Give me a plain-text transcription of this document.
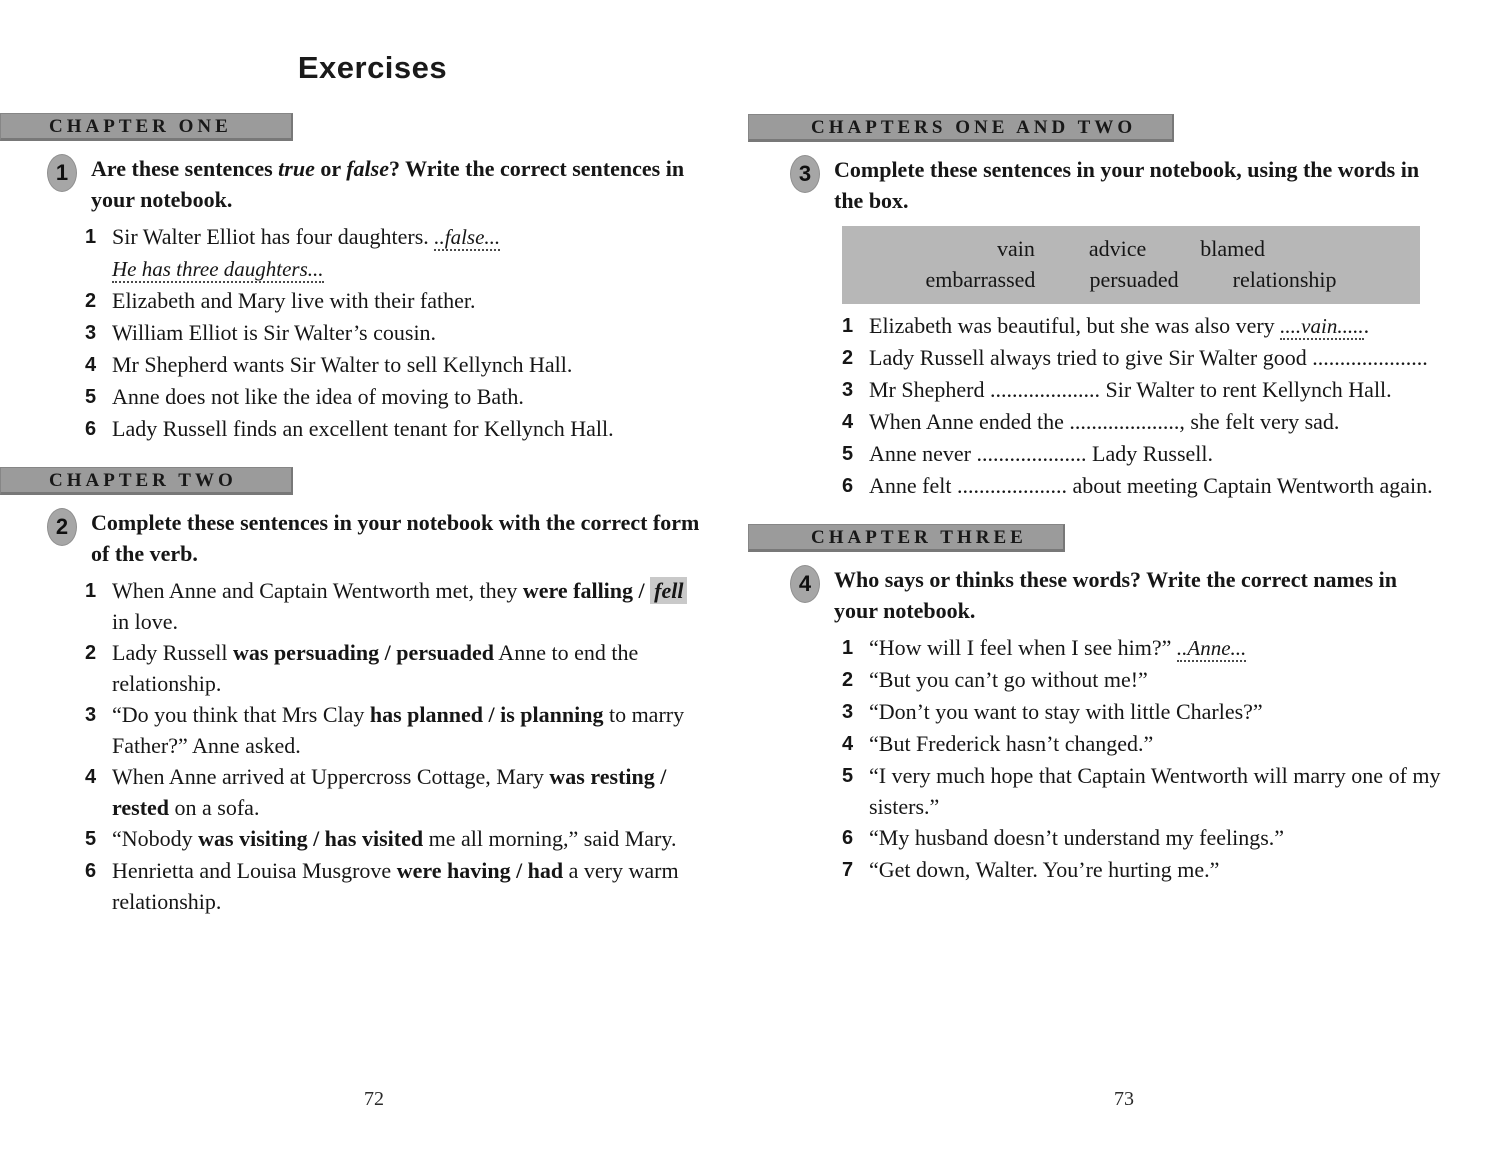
Exercises
CHAPTER ONE
1	Are these sentences true or false? Write the correct sentences in your notebook.
1 Sir Walter Elliot has four daughters. ..false...
He has three daughters...
2 Elizabeth and Mary live with their father.
3 William Elliot is Sir Walter’s cousin.
4 Mr Shepherd wants Sir Walter to sell Kellynch Hall.
5 Anne does not like the idea of moving to Bath.
6 Lady Russell finds an excellent tenant for Kellynch Hall.
CHAPTER TWO
2	Complete these sentences in your notebook with the correct form of the verb.
1 When Anne and Captain Wentworth met, they were falling / fell in love.
2 Lady Russell was persuading / persuaded Anne to end the relationship.
3 “Do you think that Mrs Clay has planned / is planning to marry Father?” Anne asked.
4 When Anne arrived at Uppercross Cottage, Mary was resting / rested on a sofa.
5 “Nobody was visiting / has visited me all morning,” said Mary.
6 Henrietta and Louisa Musgrove were having / had a very warm relationship.
72
CHAPTERS ONE AND TWO
3	Complete these sentences in your notebook, using the words in the box.
vain advice blamed
embarrassed persuaded relationship
1 Elizabeth was beautiful, but she was also very ....vain......
2 Lady Russell always tried to give Sir Walter good .....................
3 Mr Shepherd .................... Sir Walter to rent Kellynch Hall.
4 When Anne ended the ...................., she felt very sad.
5 Anne never .................... Lady Russell.
6 Anne felt .................... about meeting Captain Wentworth again.
CHAPTER THREE
4	Who says or thinks these words? Write the correct names in your notebook.
1 “How will I feel when I see him?” ..Anne...
2 “But you can’t go without me!”
3 “Don’t you want to stay with little Charles?”
4 “But Frederick hasn’t changed.”
5 “I very much hope that Captain Wentworth will marry one of my sisters.”
6 “My husband doesn’t understand my feelings.”
7 “Get down, Walter. You’re hurting me.”
73
